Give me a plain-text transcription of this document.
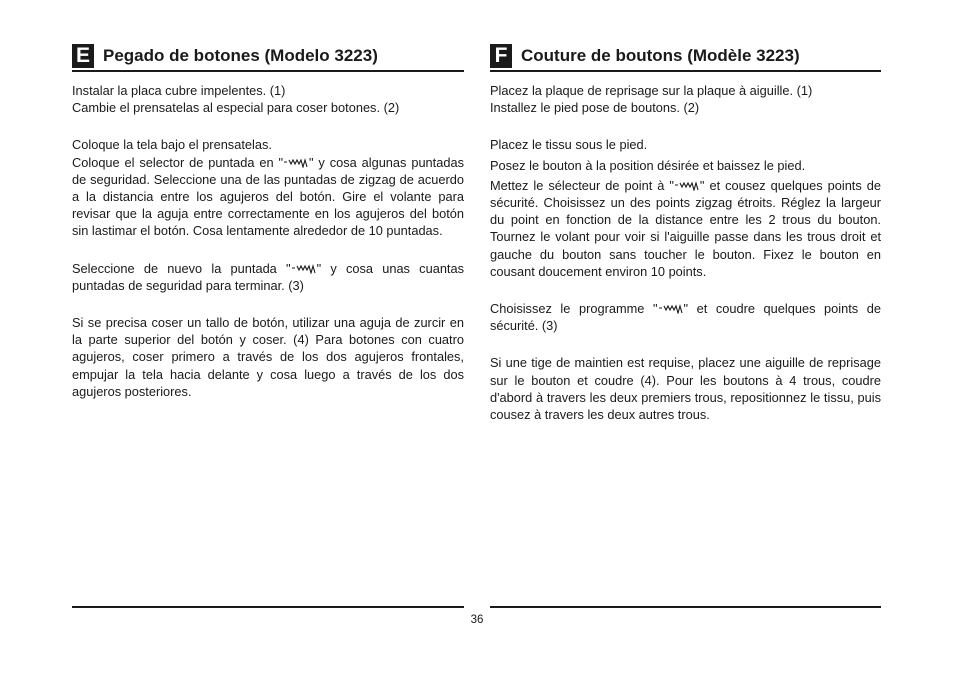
E Pegado de botones (Modelo 3223)

Instalar la placa cubre impelentes. (1)

Cambie el prensatelas al especial para coser botones. (2)

Coloque la tela bajo el prensatelas.

Coloque el selector de puntada en " " y cosa algunas puntadas de seguridad. Seleccione una de las puntadas de zigzag de acuerdo a la distancia entre los agujeros del botón. Gire el volante para revisar que la aguja entre correctamente en los agujeros del botón sin lastimar el botón. Cosa lentamente alrededor de 10 puntadas.

Seleccione de nuevo la puntada " " y cosa unas cuantas puntadas de seguridad para terminar. (3)

Si se precisa coser un tallo de botón, utilizar una aguja de zurcir en la parte superior del botón y coser. (4) Para botones con cuatro agujeros, coser primero a través de los dos agujeros frontales, empujar la tela hacia delante y cosa luego a través de los dos agujeros posteriores.

F Couture de boutons (Modèle 3223)

Placez la plaque de reprisage sur la plaque à aiguille. (1)

Installez le pied pose de boutons. (2)

Placez le tissu sous le pied.

Posez le bouton à la position désirée et baissez le pied.

Mettez le sélecteur de point à " " et cousez quelques points de sécurité. Choisissez un des points zigzag étroits. Réglez la largeur du point en fonction de la distance entre les 2 trous du bouton. Tournez le volant pour voir si l'aiguille passe dans les trous droit et gauche du bouton sans toucher le bouton. Fixez le bouton en cousant doucement environ 10 points.

Choisissez le programme " " et coudre quelques points de sécurité. (3)

Si une tige de maintien est requise, placez une aiguille de reprisage sur le bouton et coudre (4). Pour les boutons à 4 trous, coudre d'abord à travers les deux premiers trous, repositionnez le tissu, puis cousez à travers les deux autres trous.

36
